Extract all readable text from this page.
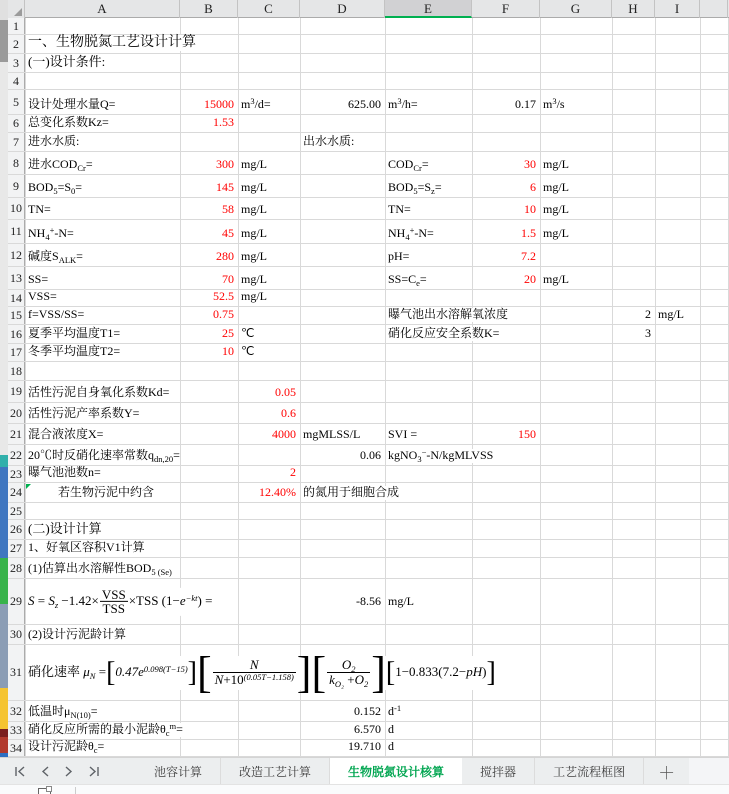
A	B	C	D	E	F	G	H	I
1
2 一、生物脱氮工艺设计计算
3 (一)设计条件:
4
5 设计处理水量Q=	15000 $m^3/d=$	625.00 $m^3/h=$	0.17 $m^3/s$
6 总变化系数Kz=	1.53
7 进水水质:	出水水质:
8 进水$COD_{Cr}=$	300 mg/L	$COD_{Cr}=$	30 mg/L
9 $BOD_5=S_0=$	145 mg/L	$BOD_5=S_z=$	6 mg/L
10 TN=	58 mg/L	TN=	10 mg/L
11 $NH_4^+-N=$	45 mg/L	$NH_4^+-N=$	1.5 mg/L
12 碱度$S_{ALK}=$	280 mg/L	pH=	7.2
13 SS=	70 mg/L	$SS=C_e=$	20 mg/L
14 VSS=	52.5 mg/L
15 f=VSS/SS=	0.75	曝气池出水溶解氧浓度	2 mg/L
16 夏季平均温度T1=	25 ℃	硝化反应安全系数K=	3
17 冬季平均温度T2=	10 ℃
18
19 活性污泥自身氧化系数Kd=	0.05
20 活性污泥产率系数Y=	0.6
21 混合液浓度X=	4000 mgMLSS/L SVI =	150
22 20℃时反硝化速率常数$q_{dn,20}=$	0.06 kgNO$_3$−-N/kgMLVSS
23 曝气池池数n=	2
24	若生物污泥中约含	12.40% 的氮用于细胞合成
25
26 (二)设计计算
27 1、好氧区容积V1计算
28 (1)估算出水溶解性$BOD_5$ $_{(Se)}$
29 $S = S_z -1.42\times \frac{\text{VSS}}{\text{TSS}} \times TSS$ $(1-e^{-kt})$ =	-8.56 mg/L
30 (2)设计污泥龄计算
31 硝化速率 $\mu_N =[0.47e^{0.098(T-15)}][ \frac{N}{N+10^{(0.05T-1.158)}}$ ][ $\frac{O_2}{k_{O_2} +O_2} ][1-0.833(7.2-pH)]$
32 低温时$\mu_{N(10)}=$	0.152 $d^{-1}$
33 硝化反应所需的最小泥龄$\theta_c^m=$	6.570 d
34 设计污泥龄$\theta_c=$	19.710 d
池容计算	改造工艺计算	生物脱氮设计核算	搅拌器	工艺流程框图	＋
